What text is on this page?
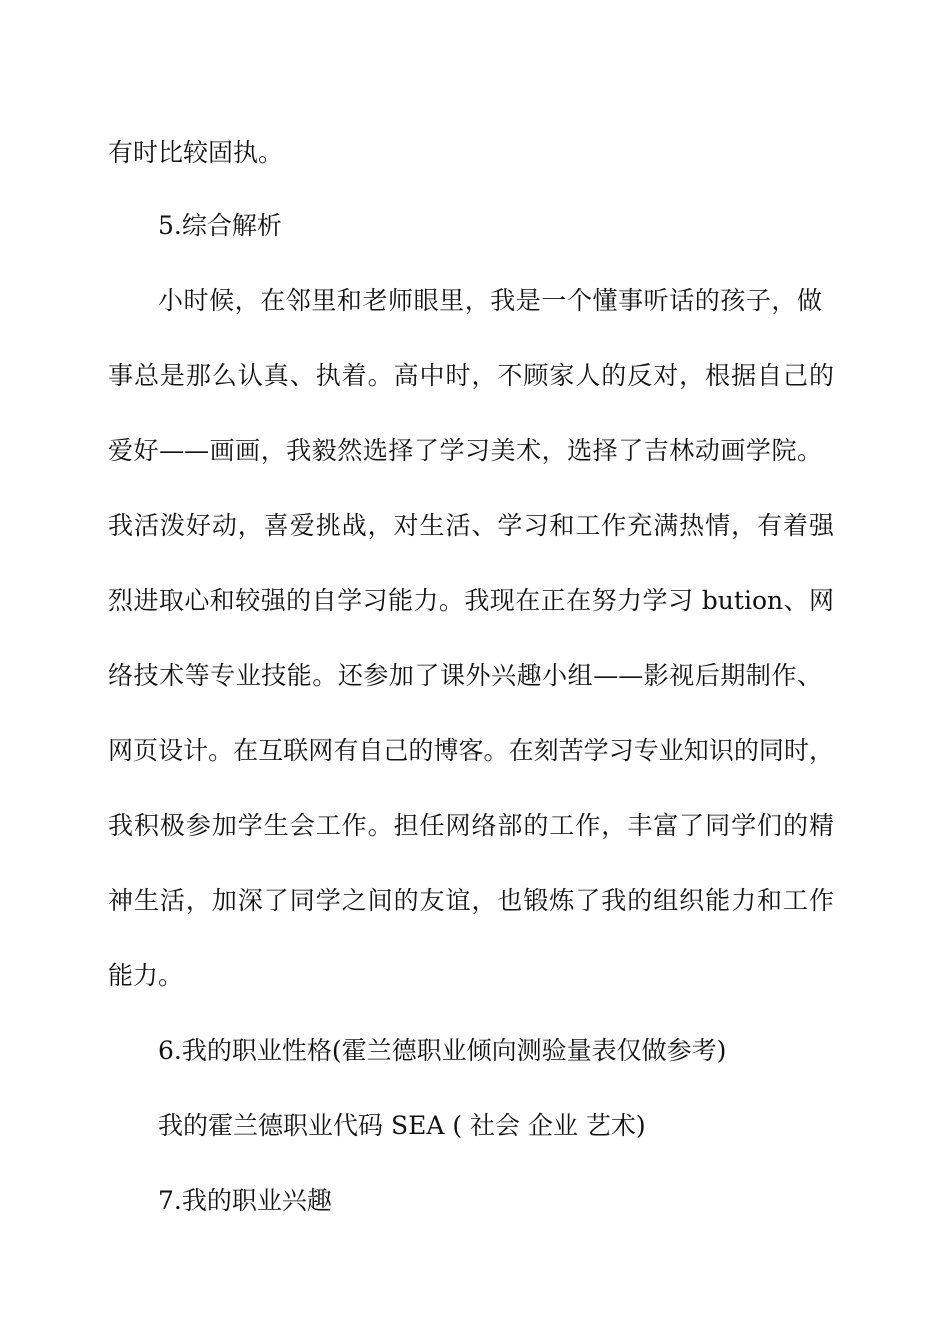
有时比较固执。
5.综合解析
小时候，在邻里和老师眼里，我是一个懂事听话的孩子，做
事总是那么认真、执着。高中时，不顾家人的反对，根据自己的
爱好——画画，我毅然选择了学习美术，选择了吉林动画学院。
我活泼好动，喜爱挑战，对生活、学习和工作充满热情，有着强
烈进取心和较强的自学习能力。我现在正在努力学习 bution、网
络技术等专业技能。还参加了课外兴趣小组——影视后期制作、
网页设计。在互联网有自己的博客。在刻苦学习专业知识的同时，
我积极参加学生会工作。担任网络部的工作，丰富了同学们的精
神生活，加深了同学之间的友谊，也锻炼了我的组织能力和工作
能力。
6.我的职业性格(霍兰德职业倾向测验量表仅做参考)
我的霍兰德职业代码 SEA ( 社会 企业 艺术)
7.我的职业兴趣
